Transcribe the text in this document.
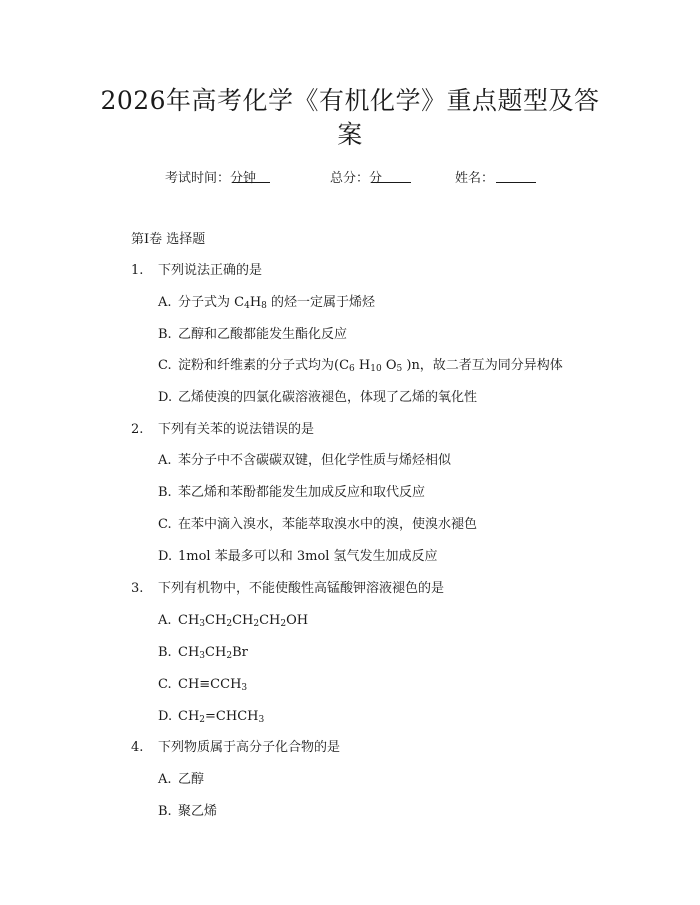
2026年高考化学《有机化学》重点题型及答
案
考试时间：
分钟	总分：
分	姓名：
第Ⅰ卷 选择题
1. 下列说法正确的是
A. 分子式为 $C_4H_8$ 的烃一定属于烯烃
B. 乙醇和乙酸都能发生酯化反应
C. 淀粉和纤维素的分子式均为($C_6$ $H_{10}$ $O_5$ )n，故二者互为同分异构体
D. 乙烯使溴的四氯化碳溶液褪色，体现了乙烯的氧化性
2. 下列有关苯的说法错误的是
A. 苯分子中不含碳碳双键，但化学性质与烯烃相似
B. 苯乙烯和苯酚都能发生加成反应和取代反应
C. 在苯中滴入溴水，苯能萃取溴水中的溴，使溴水褪色
D. 1mol 苯最多可以和 3mol 氢气发生加成反应
3. 下列有机物中，不能使酸性高锰酸钾溶液褪色的是
A. $CH_3CH_2CH_2CH_2OH$
B. $CH_3CH_2Br$
C. $CH\equiv CCH_3$
D. $CH_2=CHCH_3$
4. 下列物质属于高分子化合物的是
A. 乙醇
B. 聚乙烯
